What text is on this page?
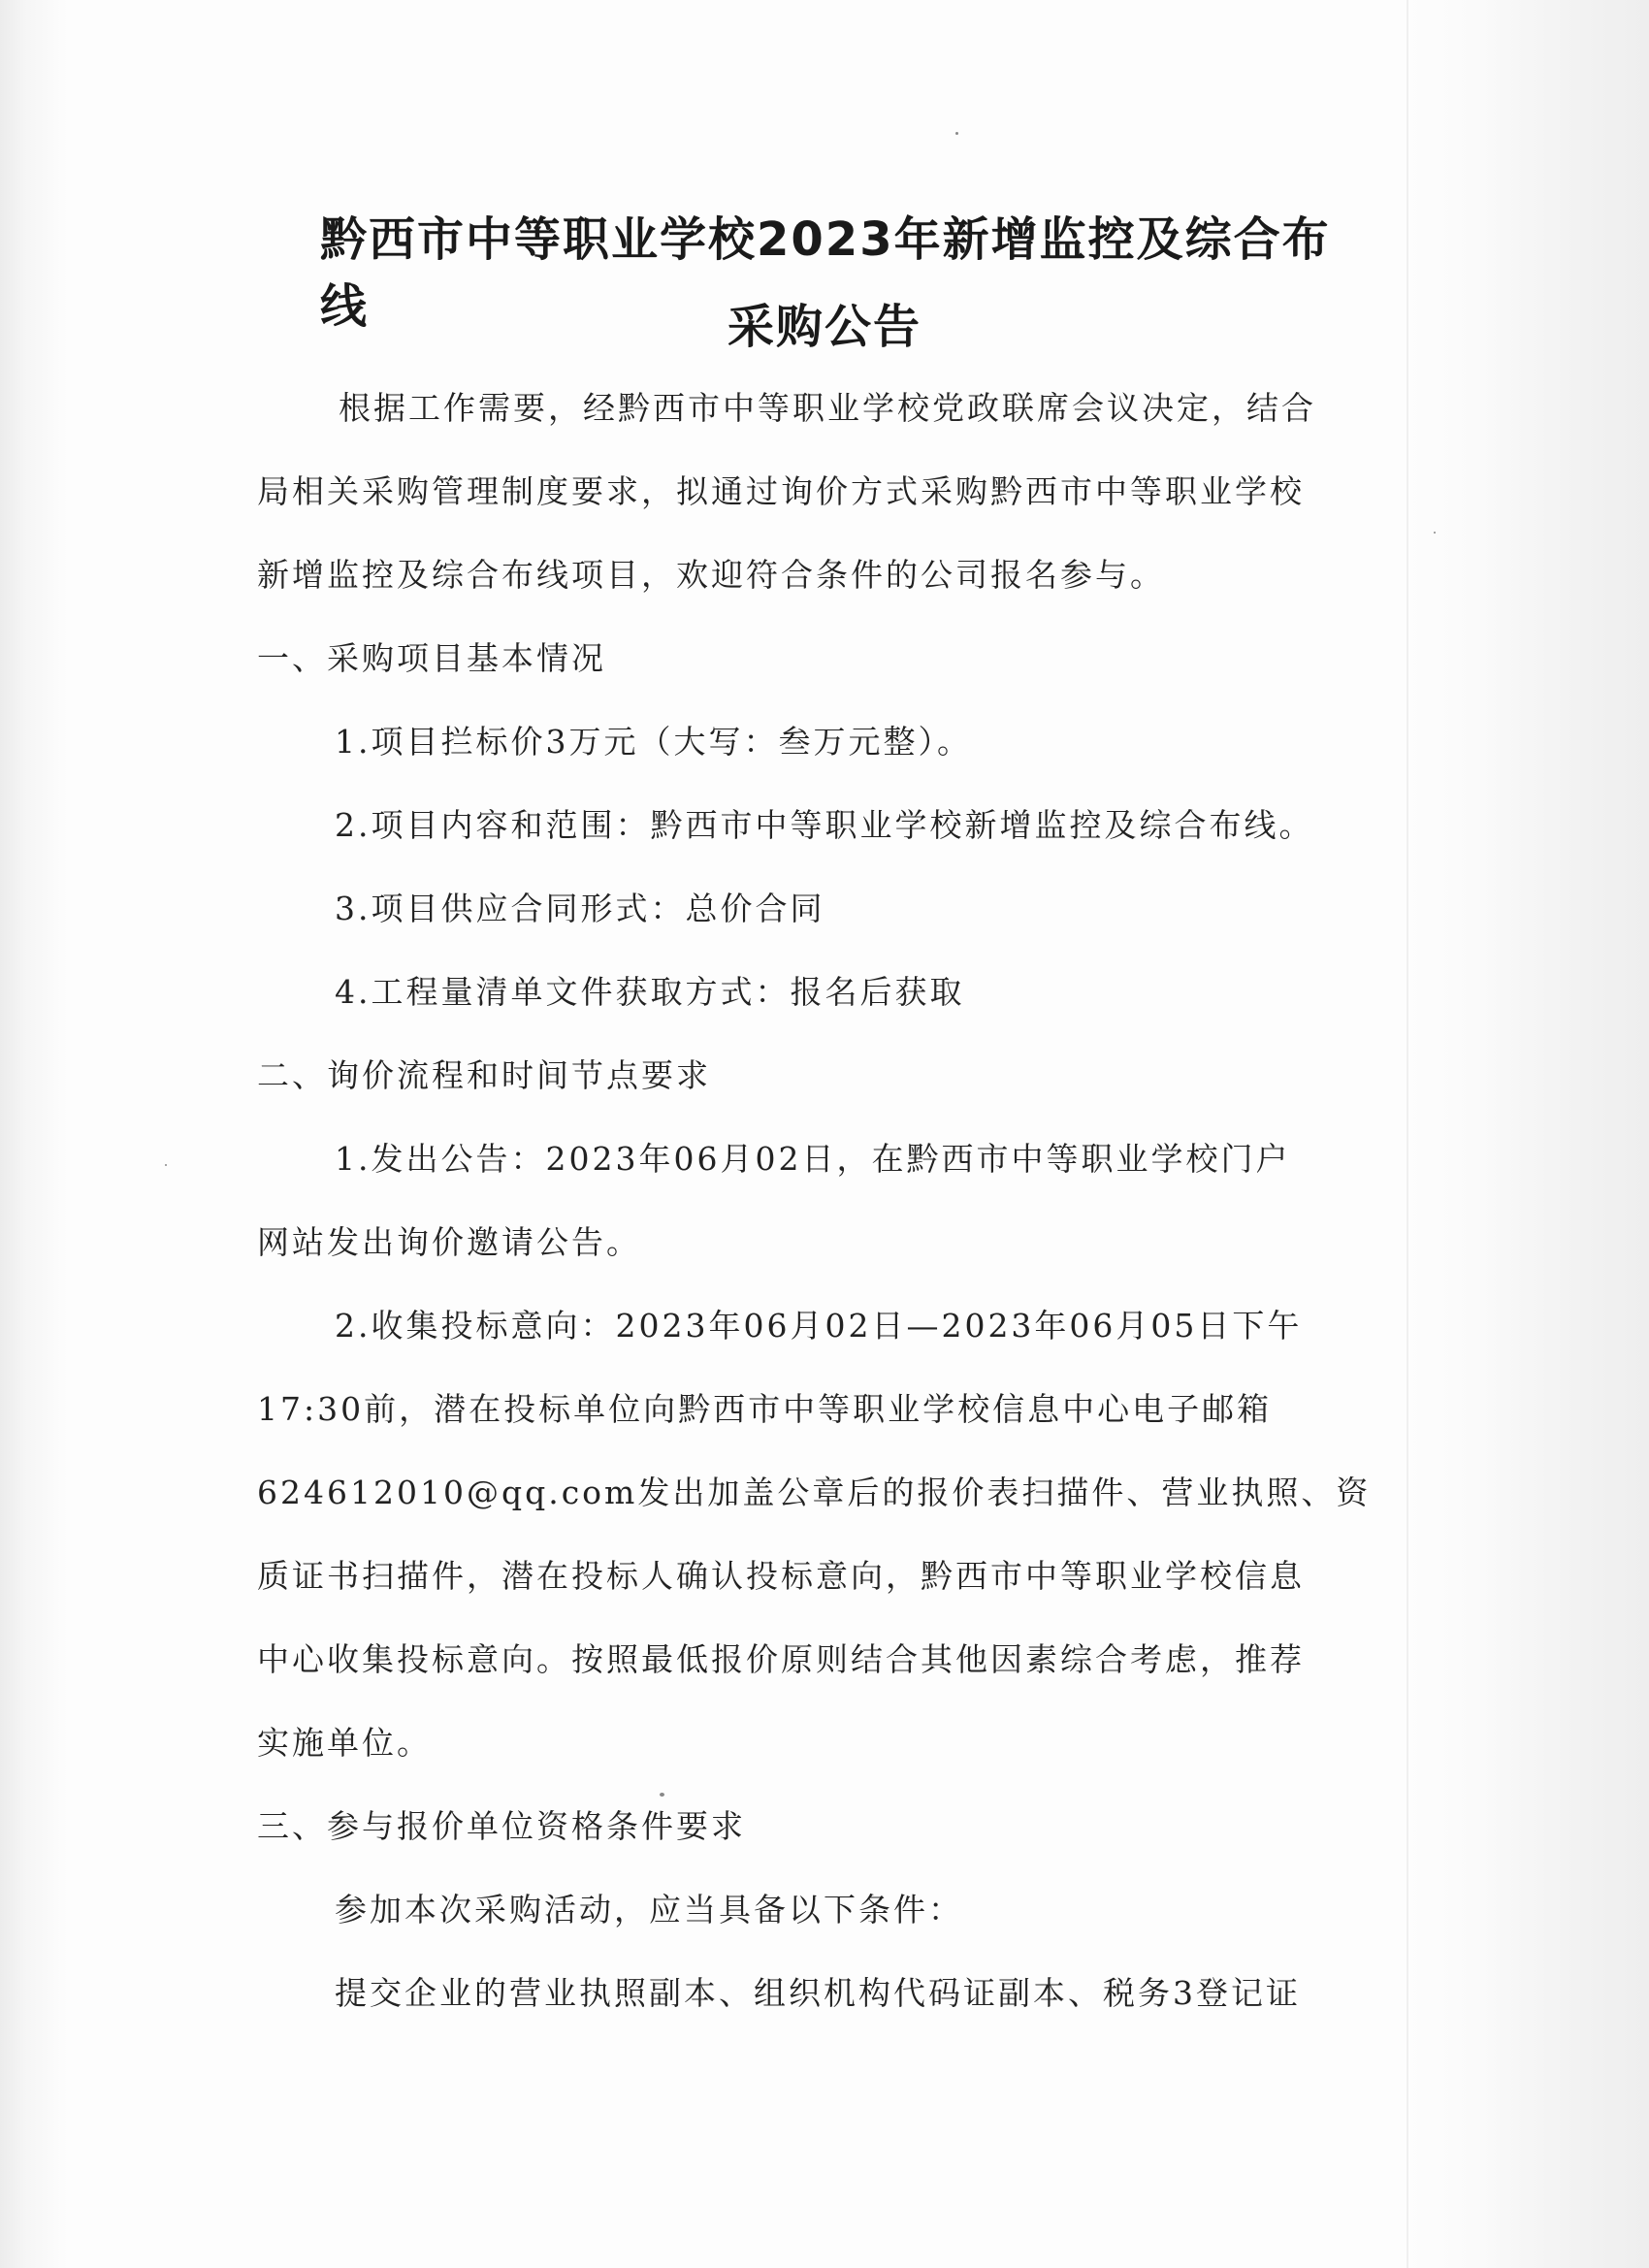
黔西市中等职业学校2023年新增监控及综合布线	采购公告

根据工作需要，经黔西市中等职业学校党政联席会议决定，结合

局相关采购管理制度要求，拟通过询价方式采购黔西市中等职业学校

新增监控及综合布线项目，欢迎符合条件的公司报名参与。

一、采购项目基本情况

1.项目拦标价3万元（大写：叁万元整）。

2.项目内容和范围：黔西市中等职业学校新增监控及综合布线。

3.项目供应合同形式：总价合同

4.工程量清单文件获取方式：报名后获取

二、询价流程和时间节点要求

1.发出公告：2023年06月02日，在黔西市中等职业学校门户

网站发出询价邀请公告。

2.收集投标意向：2023年06月02日—2023年06月05日下午

17:30前，潜在投标单位向黔西市中等职业学校信息中心电子邮箱

624612010@qq.com发出加盖公章后的报价表扫描件、营业执照、资

质证书扫描件，潜在投标人确认投标意向，黔西市中等职业学校信息

中心收集投标意向。按照最低报价原则结合其他因素综合考虑，推荐

实施单位。

三、参与报价单位资格条件要求

参加本次采购活动，应当具备以下条件：

提交企业的营业执照副本、组织机构代码证副本、税务3登记证
